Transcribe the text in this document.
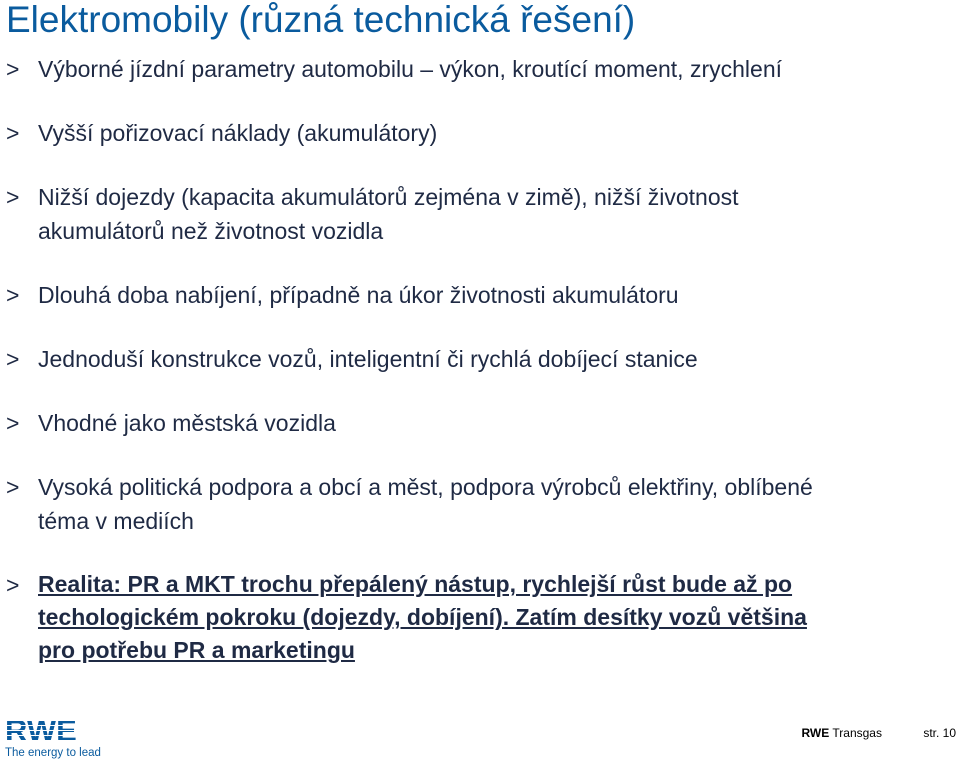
Elektromobily (různá technická řešení)
> Výborné jízdní parametry automobilu – výkon, kroutící moment, zrychlení
> Vyšší pořizovací náklady (akumulátory)
> Nižší dojezdy (kapacita akumulátorů zejména v zimě), nižší životnost
akumulátorů než životnost vozidla
> Dlouhá doba nabíjení, případně na úkor životnosti akumulátoru
> Jednoduší konstrukce vozů, inteligentní či rychlá dobíjecí stanice
> Vhodné jako městská vozidla
> Vysoká politická podpora a obcí a měst, podpora výrobců elektřiny, oblíbené
téma v mediích
> Realita: PR a MKT trochu přepálený nástup, rychlejší růst bude až po
techologickém pokroku (dojezdy, dobíjení). Zatím desítky vozů většina
pro potřebu PR a marketingu
RWE
The energy to lead
RWE Transgas	str. 10
